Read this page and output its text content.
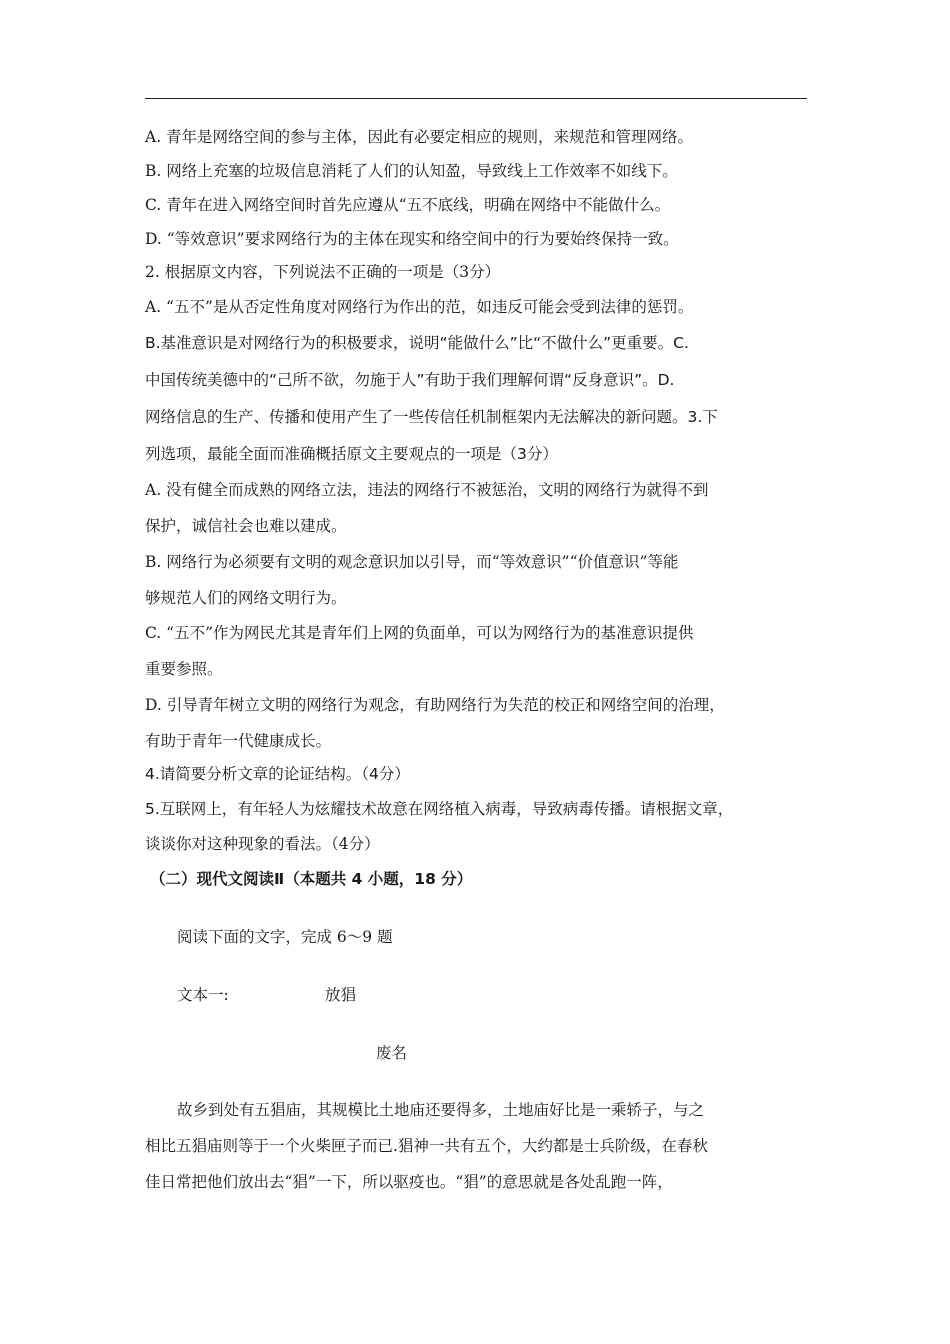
A. 青年是网络空间的参与主体，因此有必要定相应的规则，来规范和管理网络。
B. 网络上充塞的垃圾信息消耗了人们的认知盈，导致线上工作效率不如线下。
C. 青年在进入网络空间时首先应遵从“五不底线，明确在网络中不能做什么。
D. “等效意识”要求网络行为的主体在现实和络空间中的行为要始终保持一致。
2. 根据原文内容，下列说法不正确的一项是（3分）
A. “五不”是从否定性角度对网络行为作出的范，如违反可能会受到法律的惩罚。
B.基准意识是对网络行为的积极要求，说明“能做什么”比“不做什么”更重要。C.
中国传统美德中的“己所不欲，勿施于人”有助于我们理解何谓“反身意识”。D.
网络信息的生产、传播和使用产生了一些传信任机制框架内无法解决的新问题。3.下
列选项，最能全面而准确概括原文主要观点的一项是（3分）
A. 没有健全而成熟的网络立法，违法的网络行不被惩治，文明的网络行为就得不到
保护，诚信社会也难以建成。
B. 网络行为必须要有文明的观念意识加以引导，而“等效意识”“价值意识”等能
够规范人们的网络文明行为。
C. “五不”作为网民尤其是青年们上网的负面单，可以为网络行为的基准意识提供
重要参照。
D. 引导青年树立文明的网络行为观念，有助网络行为失范的校正和网络空间的治理，
有助于青年一代健康成长。
4.请简要分析文章的论证结构。（4分）
5.互联网上，有年轻人为炫耀技术故意在网络植入病毒，导致病毒传播。请根据文章，
谈谈你对这种现象的看法。（4分）
（二）现代文阅读Ⅱ（本题共 4 小题，18 分）
阅读下面的文字，完成 6～9 题
文本一:	放猖
废名
故乡到处有五猖庙，其规模比土地庙还要得多，土地庙好比是一乘轿子，与之
相比五猖庙则等于一个火柴匣子而已.猖神一共有五个，大约都是士兵阶级，在春秋
佳日常把他们放出去“猖”一下，所以驱疫也。“猖”的意思就是各处乱跑一阵，
